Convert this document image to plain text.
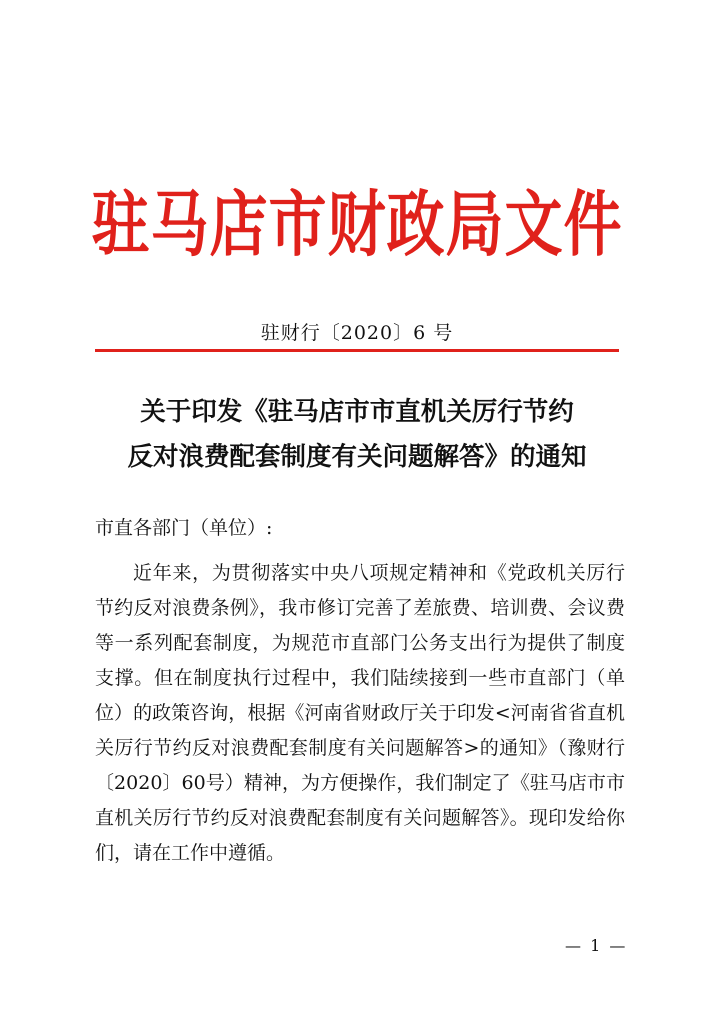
驻马店市财政局文件
驻财行〔2020〕6 号
关于印发《驻马店市市直机关厉行节约
反对浪费配套制度有关问题解答》的通知
市直各部门（单位）:

近年来，为贯彻落实中央八项规定精神和《党政机关厉行节约反对浪费条例》，我市修订完善了差旅费、培训费、会议费等一系列配套制度，为规范市直部门公务支出行为提供了制度支撑。但在制度执行过程中，我们陆续接到一些市直部门（单位）的政策咨询，根据《河南省财政厅关于印发<河南省省直机关厉行节约反对浪费配套制度有关问题解答>的通知》（豫财行〔2020〕60号）精神，为方便操作，我们制定了《驻马店市市直机关厉行节约反对浪费配套制度有关问题解答》。现印发给你们，请在工作中遵循。

— 1 —
